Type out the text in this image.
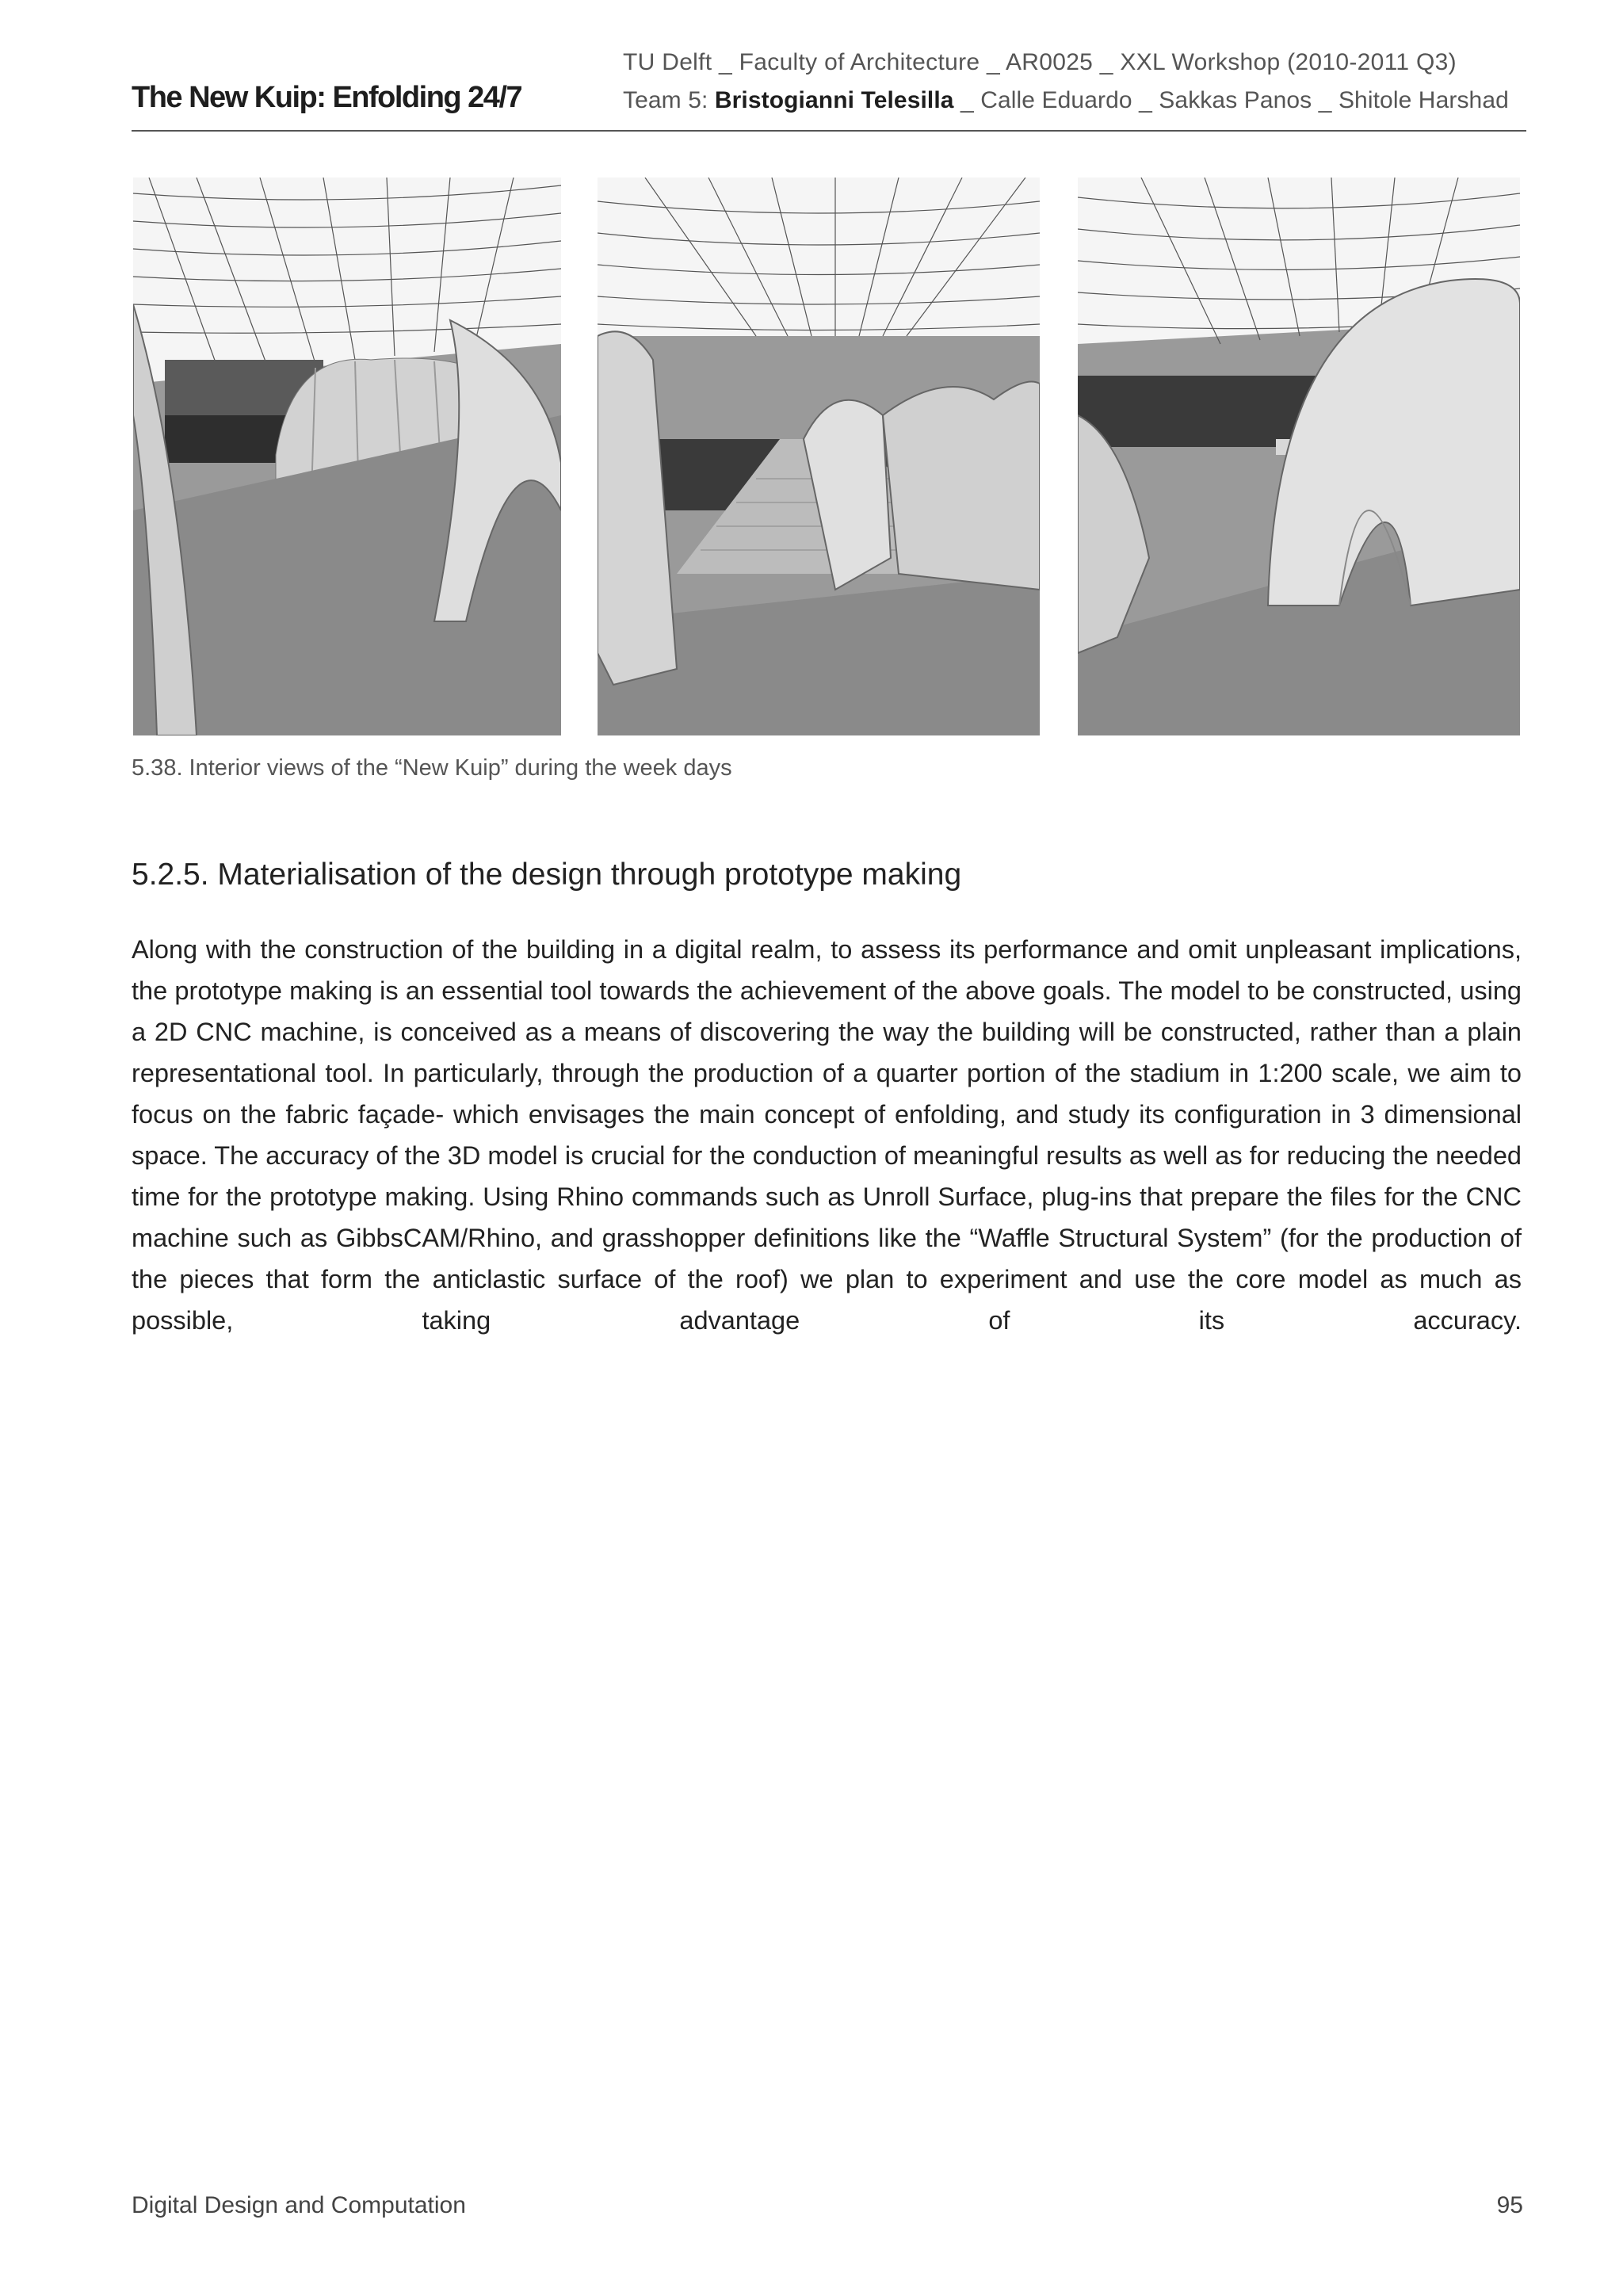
The New Kuip: Enfolding 24/7
TU Delft _ Faculty of Architecture _ AR0025 _ XXL Workshop (2010-2011 Q3)
Team 5: Bristogianni Telesilla _ Calle Eduardo _ Sakkas Panos _ Shitole Harshad
5.38. Interior views of the “New Kuip” during the week days
5.2.5. Materialisation of the design through prototype making
Along with the construction of the building in a digital realm, to assess its performance and omit unpleasant implications, the prototype making is an essential tool towards the achievement of the above goals. The model to be constructed, using a 2D CNC machine, is conceived as a means of discovering the way the building will be constructed, rather than a plain representational tool. In particularly, through the production of a quarter portion of the stadium in 1:200 scale, we aim to focus on the fabric façade- which envisages the main concept of enfolding, and study its configuration in 3 dimensional space. The accuracy of the 3D model is crucial for the conduction of meaningful results as well as for reducing the needed time for the prototype making. Using Rhino commands such as Unroll Surface, plug-ins that prepare the files for the CNC machine such as GibbsCAM/Rhino, and grasshopper definitions like the “Waffle Structural System” (for the production of the pieces that form the anticlastic surface of the roof) we plan to experiment and use the core model as much as possible, taking advantage of its accuracy.
Digital Design and Computation	95
